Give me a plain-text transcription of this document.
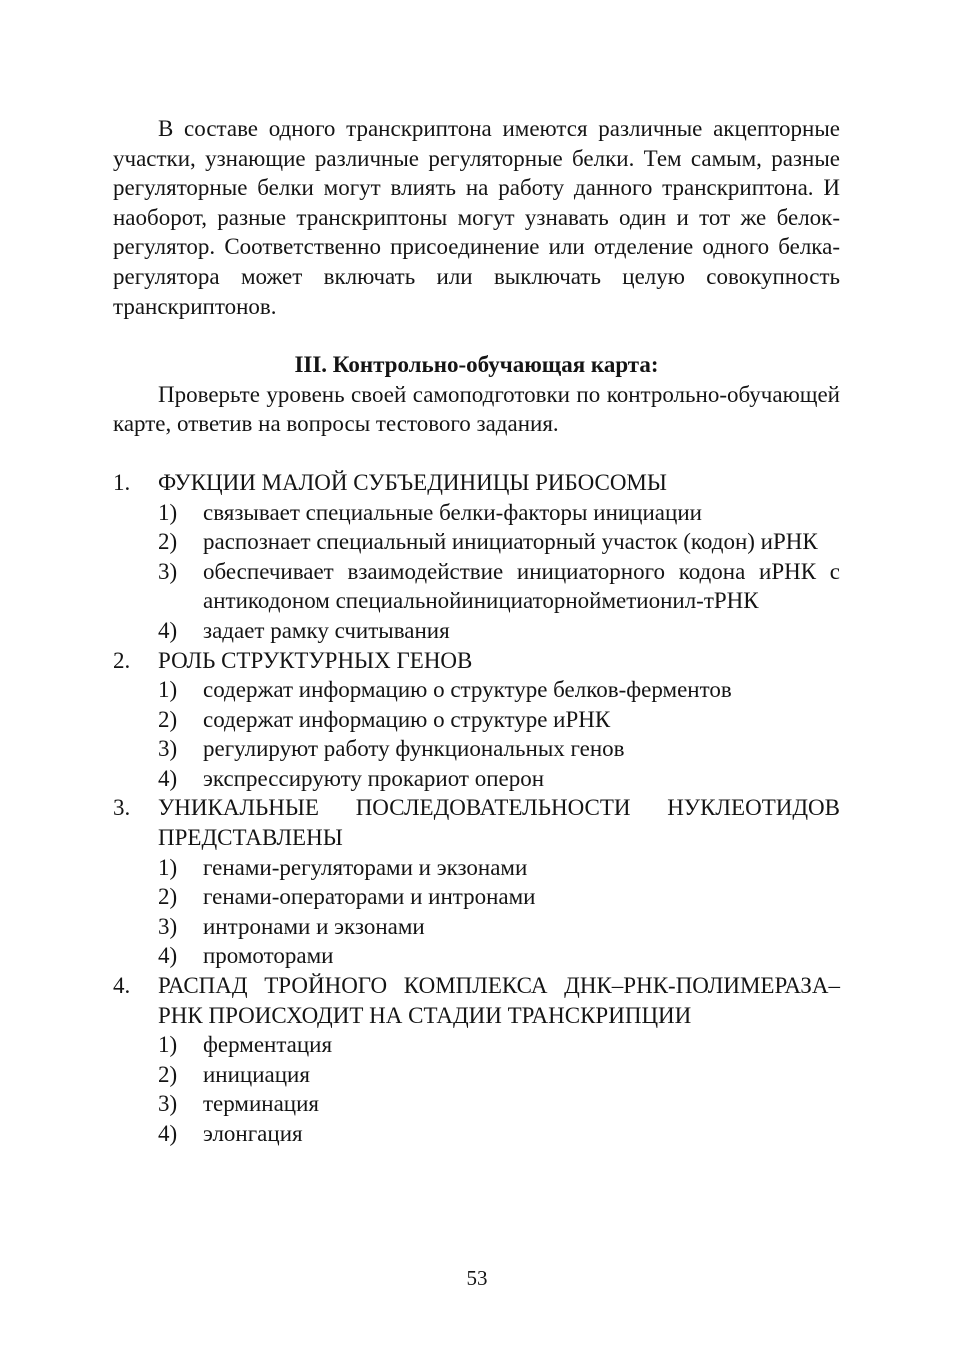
В составе одного транскриптона имеются различные акцепторные участки, узнающие различные регуляторные белки. Тем самым, разные регуляторные белки могут влиять на работу данного транскриптона. И наоборот, разные транскриптоны могут узнавать один и тот же белок-регулятор. Соответственно присоединение или отделение одного белка-регулятора может включать или выключать целую совокупность транскриптонов.

III. Контрольно-обучающая карта:

Проверьте уровень своей самоподготовки по контрольно-обучающей карте, ответив на вопросы тестового задания.

1. ФУКЦИИ МАЛОЙ СУБЪЕДИНИЦЫ РИБОСОМЫ

1) связывает специальные белки-факторы инициации
2) распознает специальный инициаторный участок (кодон) иРНК
3) обеспечивает взаимодействие инициаторного кодона иРНК с антикодоном специальнойинициаторнойметионил-тРНК
4) задает рамку считывания

2. РОЛЬ СТРУКТУРНЫХ ГЕНОВ

1) содержат информацию о структуре белков-ферментов
2) содержат информацию о структуре иРНК
3) регулируют работу функциональных генов
4) экспрессируюту прокариот оперон

3. УНИКАЛЬНЫЕ ПОСЛЕДОВАТЕЛЬНОСТИ НУКЛЕОТИДОВ ПРЕДСТАВЛЕНЫ

1) генами-регуляторами и экзонами
2) генами-операторами и интронами
3) интронами и экзонами
4) промоторами

4. РАСПАД ТРОЙНОГО КОМПЛЕКСА ДНК–РНК-ПОЛИМЕРАЗА–РНК ПРОИСХОДИТ НА СТАДИИ ТРАНСКРИПЦИИ

1) ферментация
2) инициация
3) терминация
4) элонгация
53
